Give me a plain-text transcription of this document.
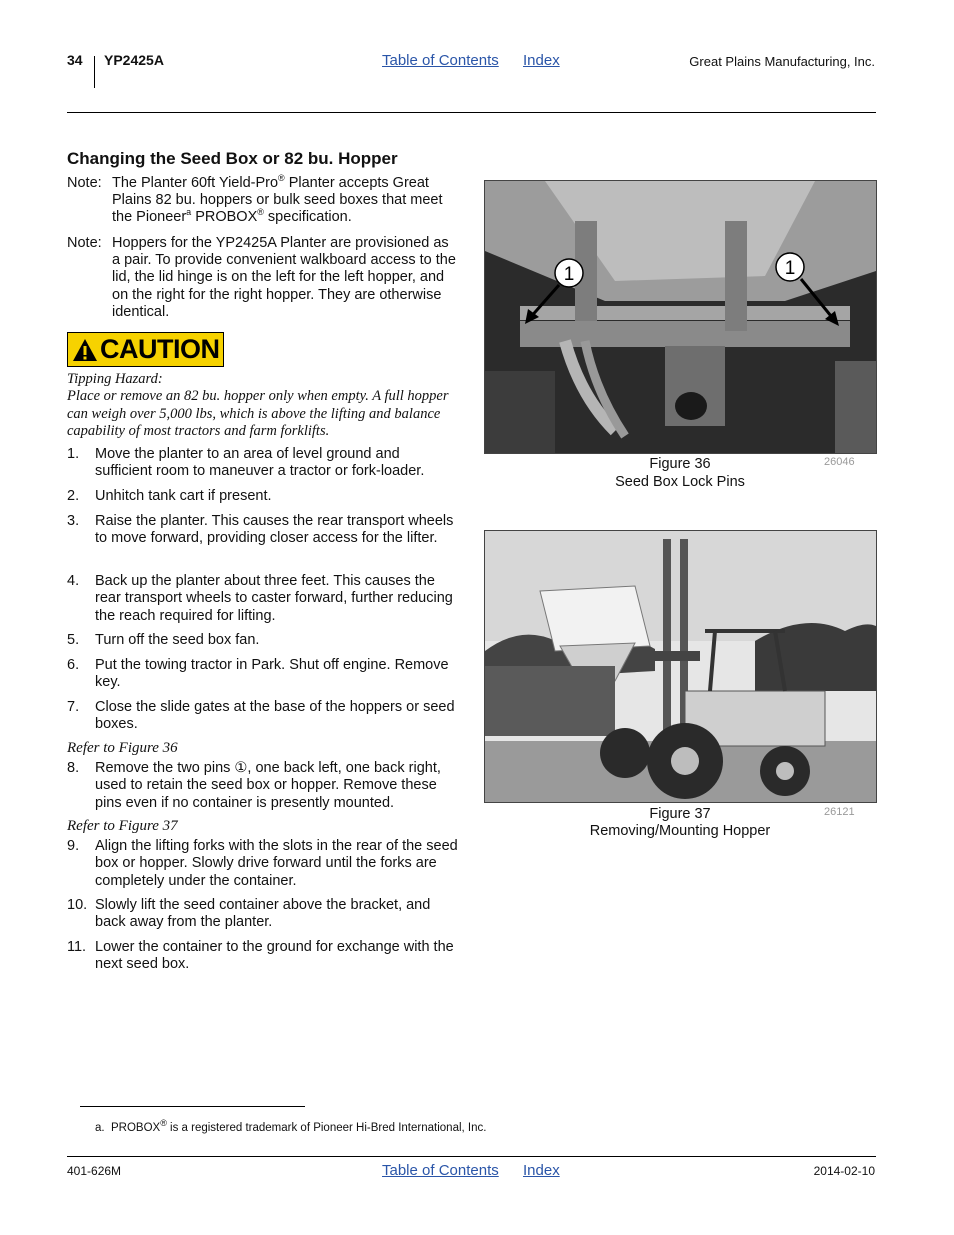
34 YP2425A	Table of Contents Index	Great Plains Manufacturing, Inc.
Changing the Seed Box or 82 bu. Hopper
Note: The Planter 60ft Yield-Pro® Planter accepts Great Plains 82 bu. hoppers or bulk seed boxes that meet the Pioneer$^a$ PROBOX® specification.
Note: Hoppers for the YP2425A Planter are provisioned as a pair. To provide convenient walkboard access to the lid, the lid hinge is on the left for the left hopper, and on the right for the right hopper. They are otherwise identical.
CAUTION
Tipping Hazard:
Place or remove an 82 bu. hopper only when empty. A full hopper can weigh over 5,000 lbs, which is above the lifting and balance capability of most tractors and farm forklifts.
1. Move the planter to an area of level ground and sufficient room to maneuver a tractor or fork-loader.
2. Unhitch tank cart if present.
3. Raise the planter. This causes the rear transport wheels to move forward, providing closer access for the lifter.
4. Back up the planter about three feet. This causes the rear transport wheels to caster forward, further reducing the reach required for lifting.
5. Turn off the seed box fan.
6. Put the towing tractor in Park. Shut off engine. Remove key.
7. Close the slide gates at the base of the hoppers or seed boxes.
Refer to Figure 36
8. Remove the two pins ①, one back left, one back right, used to retain the seed box or hopper. Remove these pins even if no container is presently mounted.
Refer to Figure 37
9. Align the lifting forks with the slots in the rear of the seed box or hopper. Slowly drive forward until the forks are completely under the container.
10. Slowly lift the seed container above the bracket, and back away from the planter.
11. Lower the container to the ground for exchange with the next seed box.
1	1
Figure 36
Seed Box Lock Pins
26046
Figure 37
Removing/Mounting Hopper
26121
a. PROBOX® is a registered trademark of Pioneer Hi-Bred International, Inc.
401-626M	Table of Contents Index	2014-02-10
